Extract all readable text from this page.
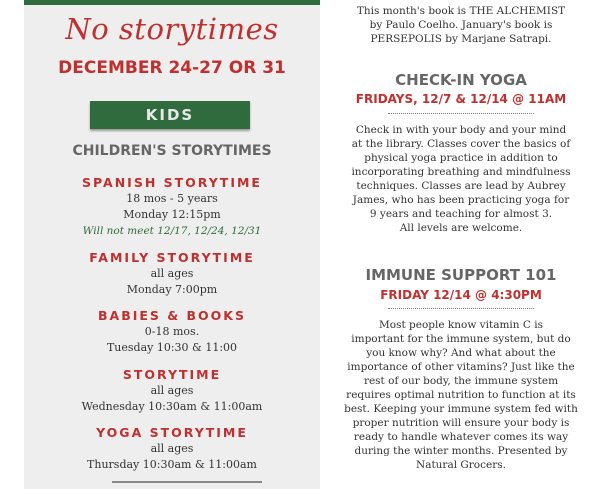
No storytimes
DECEMBER 24-27 OR 31
KIDS
CHILDREN'S STORYTIMES
SPANISH STORYTIME
18 mos - 5 years
Monday 12:15pm
Will not meet 12/17, 12/24, 12/31
FAMILY STORYTIME
all ages
Monday 7:00pm
BABIES & BOOKS
0-18 mos.
Tuesday 10:30 & 11:00
STORYTIME
all ages
Wednesday 10:30am & 11:00am
YOGA STORYTIME
all ages
Thursday 10:30am & 11:00am
This month's book is THE ALCHEMIST
by Paulo Coelho. January's book is
PERSEPOLIS by Marjane Satrapi.
CHECK-IN YOGA
FRIDAYS, 12/7 & 12/14 @ 11AM
Check in with your body and your mind
at the library. Classes cover the basics of
physical yoga practice in addition to
incorporating breathing and mindfulness
techniques. Classes are lead by Aubrey
James, who has been practicing yoga for
9 years and teaching for almost 3.
All levels are welcome.
IMMUNE SUPPORT 101
FRIDAY 12/14 @ 4:30PM
Most people know vitamin C is
important for the immune system, but do
you know why? And what about the
importance of other vitamins? Just like the
rest of our body, the immune system
requires optimal nutrition to function at its
best. Keeping your immune system fed with
proper nutrition will ensure your body is
ready to handle whatever comes its way
during the winter months. Presented by
Natural Grocers.
